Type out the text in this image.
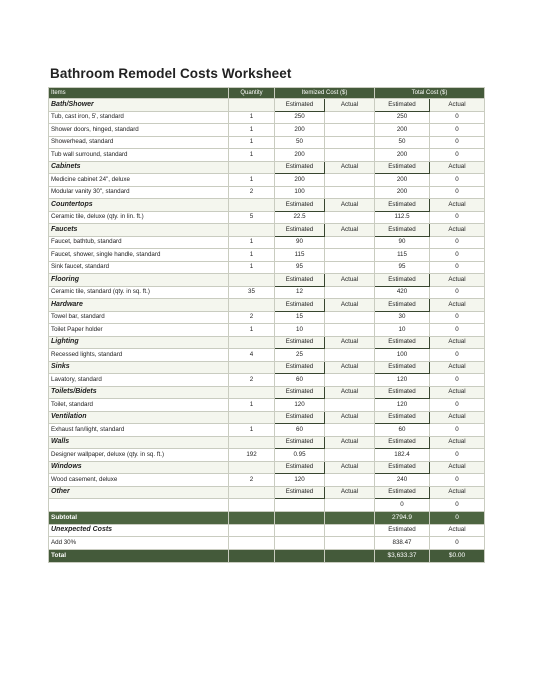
Bathroom Remodel Costs Worksheet
Items	Quantity	Itemized Cost ($)		Total Cost ($)	
Bath/Shower		Estimated	Actual	Estimated	Actual
Tub, cast iron, 5', standard	1	250		250	0
Shower doors, hinged, standard	1	200		200	0
Showerhead, standard	1	50		50	0
Tub wall surround, standard	1	200		200	0
Cabinets		Estimated	Actual	Estimated	Actual
Medicine cabinet 24", deluxe	1	200		200	0
Modular vanity 30", standard	2	100		200	0
Countertops		Estimated	Actual	Estimated	Actual
Ceramic tile, deluxe (qty. in lin. ft.)	5	22.5		112.5	0
Faucets		Estimated	Actual	Estimated	Actual
Faucet, bathtub, standard	1	90		90	0
Faucet, shower, single handle, standard	1	115		115	0
Sink faucet, standard	1	95		95	0
Flooring		Estimated	Actual	Estimated	Actual
Ceramic tile, standard (qty. in sq. ft.)	35	12		420	0
Hardware		Estimated	Actual	Estimated	Actual
Towel bar, standard	2	15		30	0
Toilet Paper holder	1	10		10	0
Lighting		Estimated	Actual	Estimated	Actual
Recessed lights, standard	4	25		100	0
Sinks		Estimated	Actual	Estimated	Actual
Lavatory, standard	2	60		120	0
Toilets/Bidets		Estimated	Actual	Estimated	Actual
Toilet, standard	1	120		120	0
Ventilation		Estimated	Actual	Estimated	Actual
Exhaust fan/light, standard	1	60		60	0
Walls		Estimated	Actual	Estimated	Actual
Designer wallpaper, deluxe (qty. in sq. ft.)	192	0.95		182.4	0
Windows		Estimated	Actual	Estimated	Actual
Wood casement, deluxe	2	120		240	0
Other		Estimated	Actual	Estimated	Actual
				0	0
Subtotal				2794.9	0
Unexpected Costs				Estimated	Actual
Add 30%				838.47	0
Total				$3,633.37	$0.00
